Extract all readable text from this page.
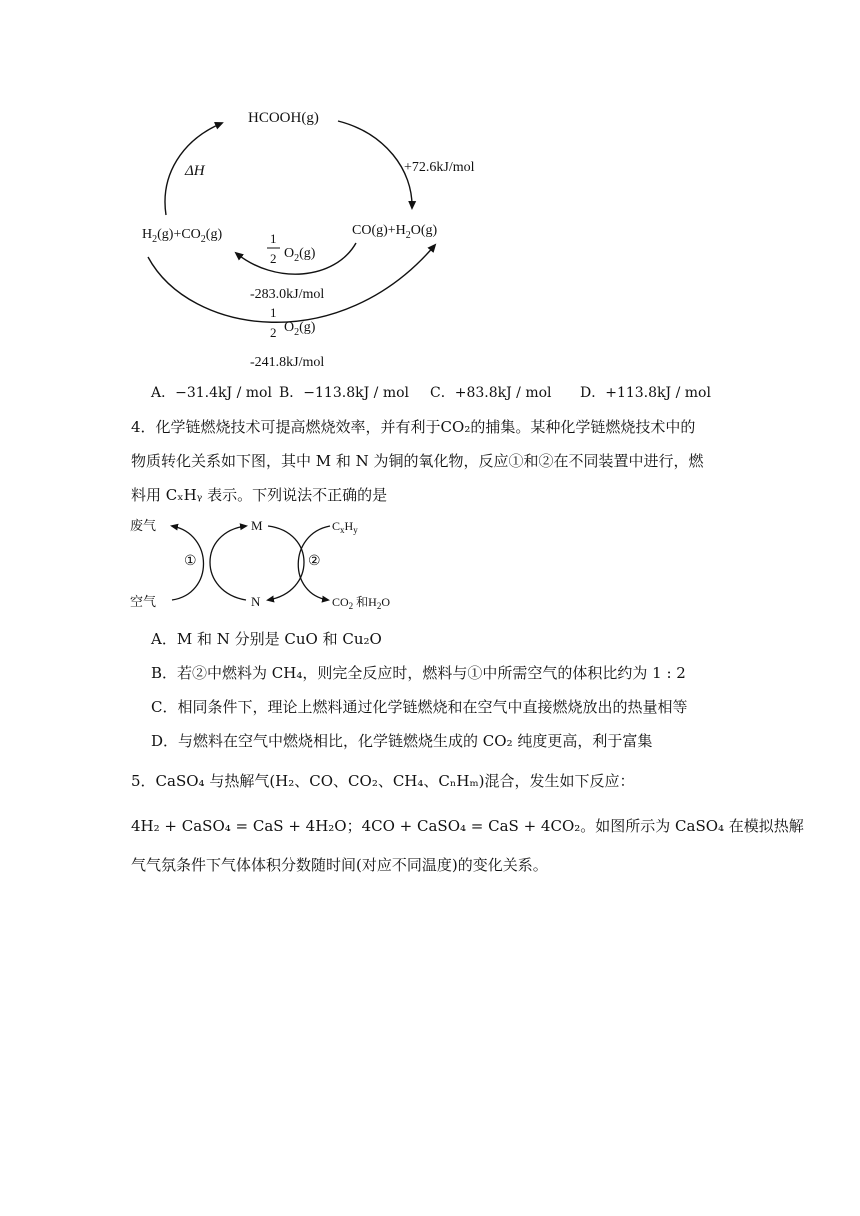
HCOOH(g)
ΔH	+72.6kJ/mol
$H_2(g)+CO_2(g)$	$CO(g)+H_2O(g)$
1
2 $O_2(g)$
-283.0kJ/mol
1
2 $O_2(g)$
-241.8kJ/mol
A．−31.4kJ / mol B．−113.8kJ / mol C．+83.8kJ / mol D．+113.8kJ / mol
4．化学链燃烧技术可提高燃烧效率，并有利于CO₂的捕集。某种化学链燃烧技术中的
物质转化关系如下图，其中 M 和 N 为铜的氧化物，反应①和②在不同装置中进行，燃
料用 CₓHᵧ 表示。下列说法不正确的是
废气
空气
M
N
①	②
$C_xH_y$
$CO_2$ 和$H_2O$
A．M 和 N 分别是 CuO 和 Cu₂O
B．若②中燃料为 CH₄，则完全反应时，燃料与①中所需空气的体积比约为 1 : 2
C．相同条件下，理论上燃料通过化学链燃烧和在空气中直接燃烧放出的热量相等
D．与燃料在空气中燃烧相比，化学链燃烧生成的 CO₂ 纯度更高，利于富集
5．CaSO₄ 与热解气(H₂、CO、CO₂、CH₄、CₙHₘ)混合，发生如下反应：
4H₂ + CaSO₄ = CaS + 4H₂O；4CO + CaSO₄ = CaS + 4CO₂。如图所示为 CaSO₄ 在模拟热解
气气氛条件下气体体积分数随时间(对应不同温度)的变化关系。
